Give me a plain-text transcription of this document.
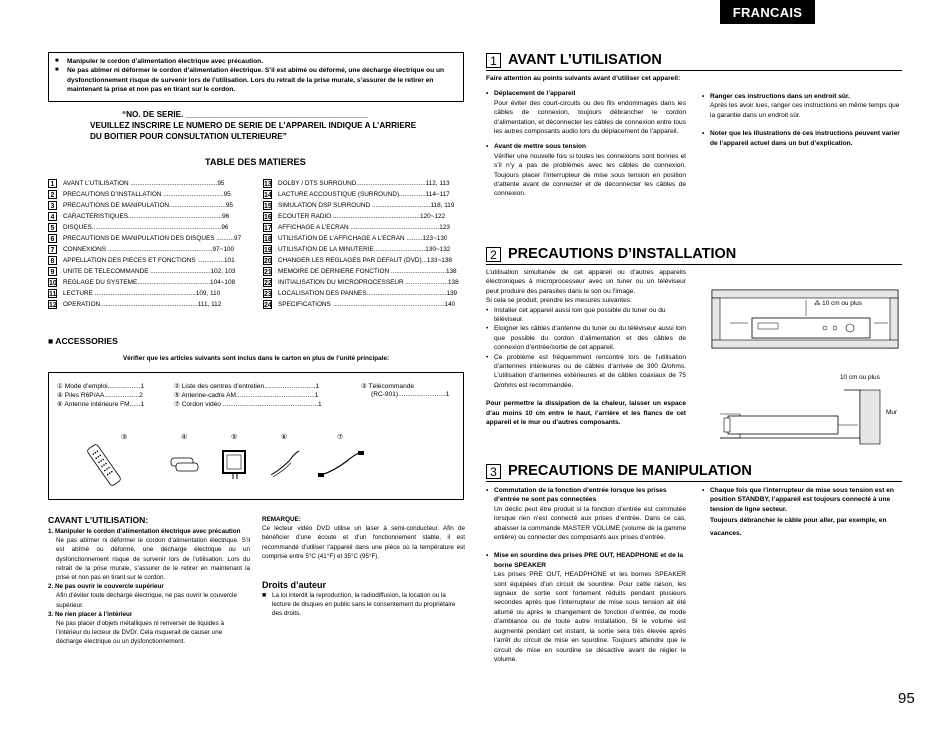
FRANCAIS
■	Manipuler le cordon d’alimentation électrique avec précaution.
■	Ne pas abîmer ni déformer le cordon d’alimentation électrique. S’il est abîmé ou déformé, une décharge électrique ou un dysfonctionnement risque de survenir lors de l’utilisation. Lors du retrait de la prise murale, s’assurer de le retirer en maintenant la prise et non pas en tirant sur le cordon.
“NO. DE SERIE. ________________________________________
VEUILLEZ INSCRIRE LE NUMERO DE SERIE DE L’APPAREIL INDIQUE A L’ARRIERE
DU BOITIER POUR CONSULTATION ULTERIEURE”
TABLE DES MATIERES
1	AVANT L’UTILISATION .................................................95
2	PRECAUTIONS D’INSTALLATION ..................................95
3	PRECAUTIONS DE MANIPULATION................................95
4	CARACTERISTIQUES.....................................................96
5	DISQUES.........................................................................96
6	PRECAUTIONS DE MANIPULATION DES DISQUES ..........97
7	CONNEXIONS ...........................................................97~100
8	APPELLATION DES PIECES ET FONCTIONS ...............101
9	UNITE DE TELECOMMANDE ..................................102, 103
10 REGLAGE DU SYSTEME.........................................104~108
11 LECTURE .........................................................109, 110
12 OPERATION.......................................................111, 112
13 DOLBY / DTS SURROUND.......................................112, 113
14 LACTURE ACCOUSTIQUE (SURROUND)...............114~117
15 SIMULATION DSP SURROUND .................................118, 119
16 ECOUTER RADIO .................................................120~122
17 AFFICHAGE A L’ECRAN ..................................................123
18 UTILISATION DE L’AFFICHAGE A L’ECRAN .........123~130
19 UTILISATION DE LA MINUTERIE.............................130~132
20 CHANGER LES REGLAGES PAR DEFAUT (DVD)...133~138
21 MEMOIRE DE DERNIERE FONCTION ...............................138
22 INITIALISATION DU MICROPROCESSEUR ........................138
23 LOCALISATION DES PANNES.............................................139
24 SPECIFICATIONS ...............................................................140
■ ACCESSORIES
Vérifier que les articles suivants sont inclus dans le carton en plus de l’unité principale:
① Mode d’emploi..................1	② Liste des centres d’entretien............................1	③ Télécommande
(RC-901)..........................1
④ Piles R6P/AA...................2	⑤ Antenne-cadre AM...........................................1
⑥ Antenne intérieure FM......1	⑦ Cordon vidéo ....................................................1
③	④	⑤	⑥	⑦
CAVANT L’UTILISATION:
1. Manipuler le cordon d’alimentation électrique avec précaution
Ne pas abîmer ni déformer le cordon d’alimentation électrique. S’il est abîmé ou déformé, une décharge électrique ou un dysfonctionnement risque de survenir lors de l’utilisation. Lors du retrait de la prise murale, s’assurer de le retirer en maintenant la prise et non pas en tirant sur le cordon.
2. Ne pas ouvrir le couvercle supérieur
Afin d’éviter toute décharge électrique, ne pas ouvrir le couvercle supérieur.
3. Ne rien placer à l’intérieur
Ne pas placer d’objets métalliques ni renverser de liquides à l’intérieur du lecteur de DVDr. Cela risquerait de causer une décharge électrique ou un dysfonctionnement.
REMARQUE:
Ce lecteur vidéo DVD utilise un laser à semi-conducteur. Afin de bénéficier d’une écoute et d’un fonctionnement stable, il est recommandé d’utiliser l’appareil dans une pièce où la température est comprise entre 5°C (41°F) et 35°C (95°F).
Droits d’auteur
■ La loi interdit la reproduction, la radiodiffusion, la location ou la lecture de disques en public sans le consentement du propriétaire des droits.
1 AVANT L’UTILISATION
Faire attention au points suivants avant d’utiliser cet appareil:
• Déplacement de l’appareil
Pour éviter des court-circuits ou des fils endommagés dans les câbles de connexion, toujours débrancher le cordon d’alimentation, et déconnecter les câbles de connexion entre tous les autres composants audio lors du déplacement de l’appareil.
• Avant de mettre sous tension
Vérifier une nouvelle fois si toutes les connexions sont bonnes et s’il n’y a pas de problèmes avec les câbles de connexion. Toujours placer l’interrupteur de mise sous tension en position d’attente avant de connecter et de déconnecter les câbles de connexion.
• Ranger ces instructions dans un endroit sûr.
Après les avoir lues, ranger ces instructions en même temps que la garantie dans un endroit sûr.
• Noter que les illustrations de ces instructions peuvent varier de l’appareil actuel dans un but d’explication.
2 PRECAUTIONS D’INSTALLATION
L’utilisation simultanée de cet appareil ou d’autres appareils électroniques à microprocesseur avec un tuner ou un téléviseur peut produire des parasites dans le son ou l’image.
Si cela se produit, prendre les mesures suivantes:
• Installer cet appareil aussi loin que possible du tuner ou du téléviseur.
• Eloigner les câbles d’antenne du tuner ou du téléviseur aussi loin que possible du cordon d’alimentation et des câbles de connexion d’entrée/sortie de cet appareil.
• Ce problème est fréquemment rencontré lors de l’utilisation d’antennes intérieures ou de câbles d’arrivée de 300 Ω/ohms. L’utilisation d’antennes extérieures et de câbles coaxiaux de 75 Ω/ohms est recommandée.
Pour permettre la dissipation de la chaleur, laisser un espace d’au moins 10 cm entre le haut, l’arrière et les flancs de cet appareil et le mur ou d’autres composants.
⁂ 10 cm ou plus
10 cm ou plus
Mur
3 PRECAUTIONS DE MANIPULATION
• Commutation de la fonction d’entrée lorsque les prises d’entrée ne sont pas connectées
Un déclic peut être produit si la fonction d’entrée est commutée lorsque rien n’est connecté aux prises d’entrée. Dans ce cas, abaisser la commande MASTER VOLUME (volume de la gamme entière) ou connecter des composants aux prises d’entrée.
• Mise en sourdine des prises PRE OUT, HEADPHONE et de la borne SPEAKER
Les prises PRE OUT, HEADPHONE et les bornes SPEAKER sont équipées d’un circuit de sourdine. Pour cette raison, les signaux de sortie sont fortement réduits pendant plusieurs secondes après que l’interrupteur de mise sous tension ait été allumé ou après le changement de fonction d’entrée, de mode d’ambiance ou de toute autre installation. Si le volume est augmenté pendant cet instant, la sortie sera très élevée après l’arrêt du circuit de mise en sourdine. Toujours attendre que le circuit de mise en sourdine se désactive avant de régler le volume.
• Chaque fois que l’interrupteur de mise sous tension est en position STANDBY, l’appareil est toujours connecté à une tension de ligne secteur.
Toujours débrancher le câble pour aller, par exemple, en vacances.
95
